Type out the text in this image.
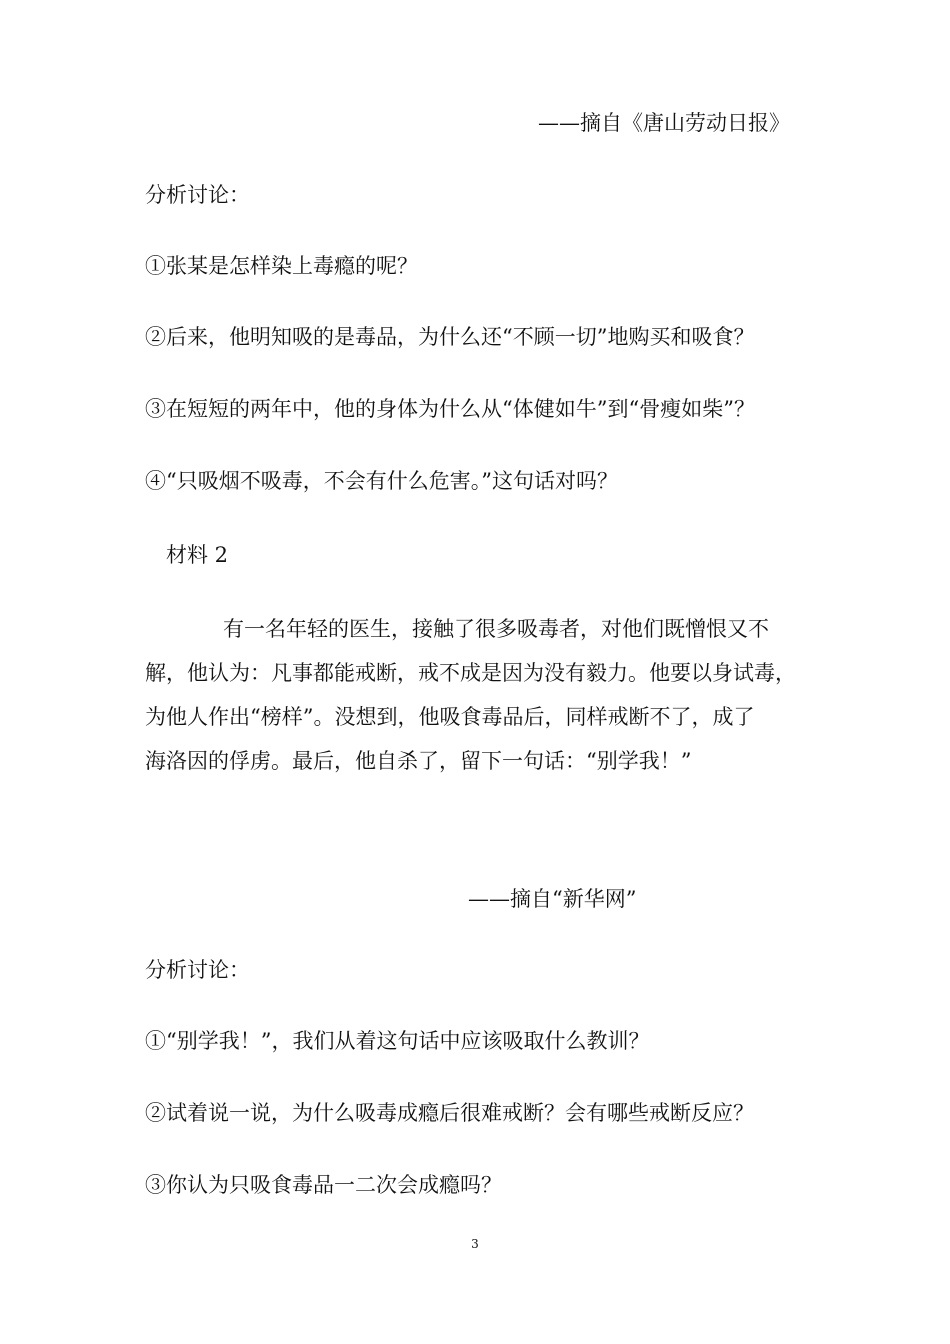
——摘自《唐山劳动日报》

分析讨论：

①张某是怎样染上毒瘾的呢？

②后来，他明知吸的是毒品，为什么还“不顾一切”地购买和吸食？

③在短短的两年中，他的身体为什么从“体健如牛”到“骨瘦如柴”？

④“只吸烟不吸毒，不会有什么危害。”这句话对吗？

材料 2

有一名年轻的医生，接触了很多吸毒者，对他们既憎恨又不
解，他认为：凡事都能戒断，戒不成是因为没有毅力。他要以身试毒，
为他人作出“榜样”。没想到，他吸食毒品后，同样戒断不了，成了
海洛因的俘虏。最后，他自杀了，留下一句话：“别学我！”

——摘自“新华网”

分析讨论：

①“别学我！”，我们从着这句话中应该吸取什么教训？

②试着说一说，为什么吸毒成瘾后很难戒断？会有哪些戒断反应？

③你认为只吸食毒品一二次会成瘾吗？

3
